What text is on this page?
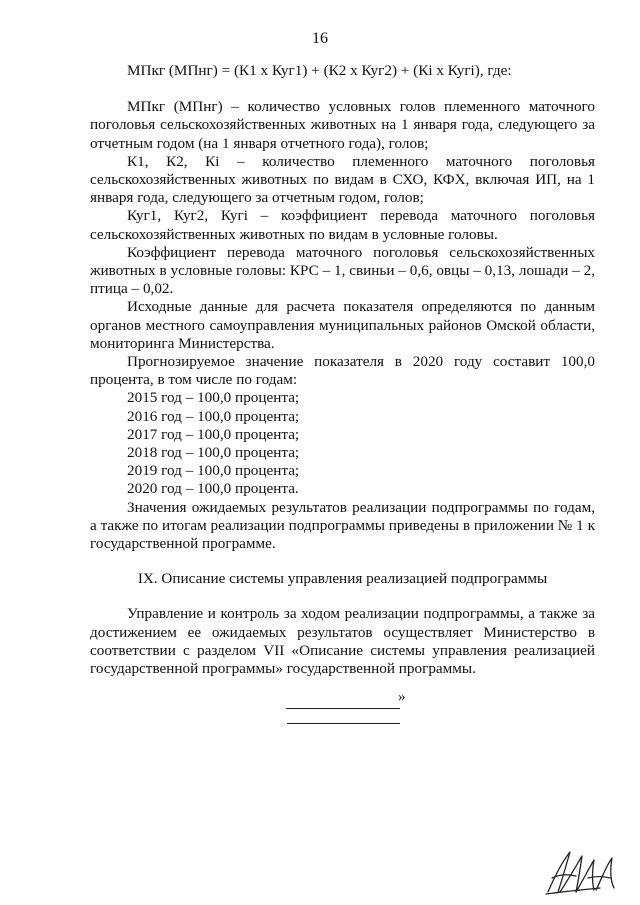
16

МПкг (МПнг) = (К1 х Куг1) + (К2 х Куг2) + (Кi х Кугi), где:

МПкг (МПнг) – количество условных голов племенного маточного поголовья сельскохозяйственных животных на 1 января года, следующего за отчетным годом (на 1 января отчетного года), голов;

К1, К2, Кi – количество племенного маточного поголовья сельскохозяйственных животных по видам в СХО, КФХ, включая ИП, на 1 января года, следующего за отчетным годом, голов;

Куг1, Куг2, Кугi – коэффициент перевода маточного поголовья сельскохозяйственных животных по видам в условные головы.

Коэффициент перевода маточного поголовья сельскохозяйственных животных в условные головы: КРС – 1, свиньи – 0,6, овцы – 0,13, лошади – 2, птица – 0,02.

Исходные данные для расчета показателя определяются по данным органов местного самоуправления муниципальных районов Омской области, мониторинга Министерства.

Прогнозируемое значение показателя в 2020 году составит 100,0 процента, в том числе по годам:

2015 год – 100,0 процента;

2016 год – 100,0 процента;

2017 год – 100,0 процента;

2018 год – 100,0 процента;

2019 год – 100,0 процента;

2020 год – 100,0 процента.

Значения ожидаемых результатов реализации подпрограммы по годам, а также по итогам реализации подпрограммы приведены в приложении № 1 к государственной программе.

IX. Описание системы управления реализацией подпрограммы

Управление и контроль за ходом реализации подпрограммы, а также за достижением ее ожидаемых результатов осуществляет Министерство в соответствии с разделом VII «Описание системы управления реализацией государственной программы» государственной программы.

»
